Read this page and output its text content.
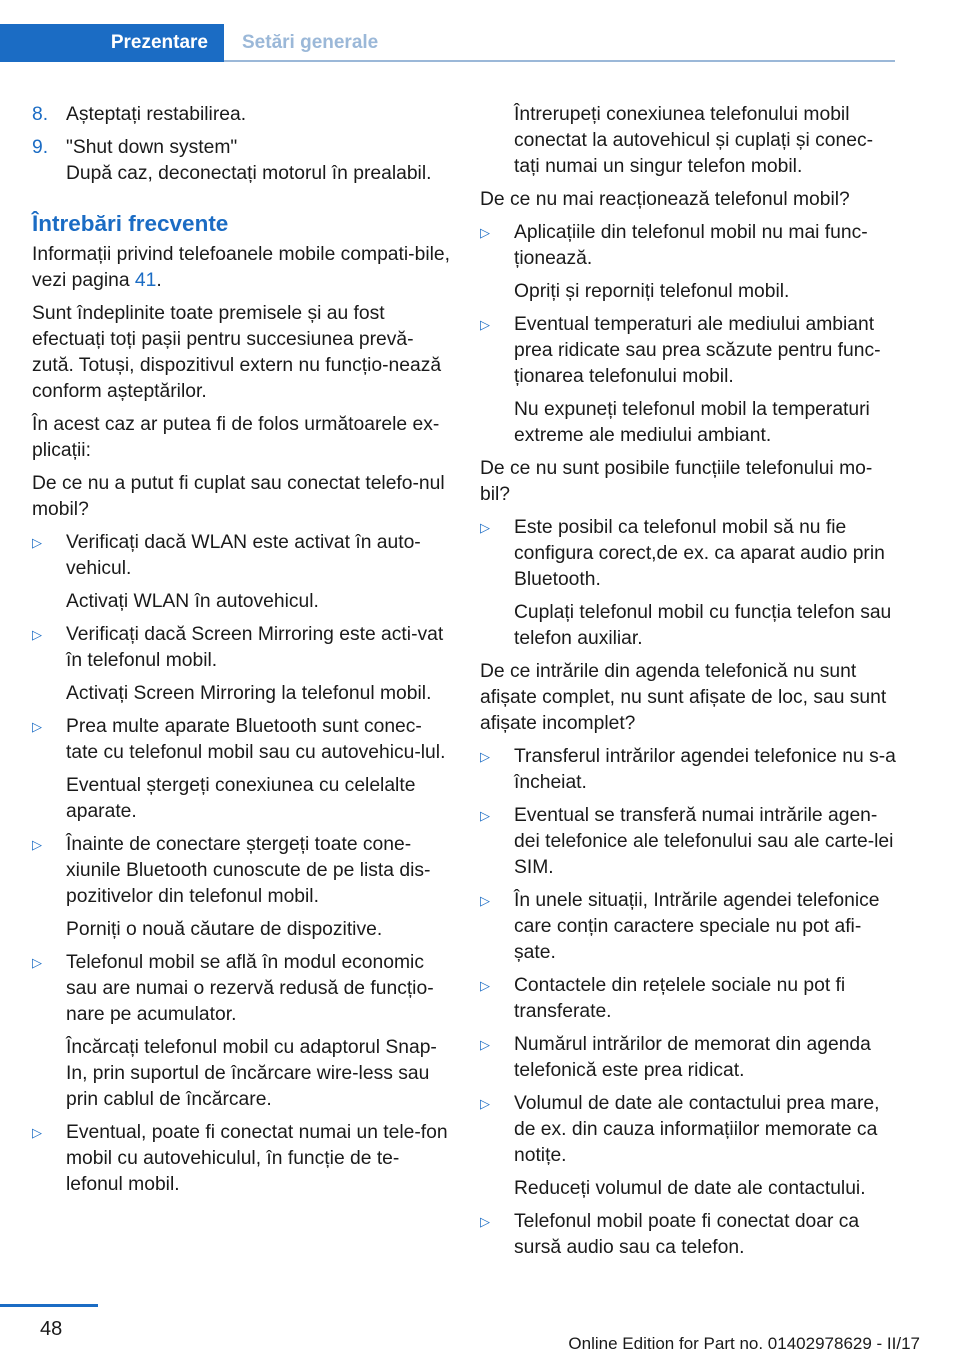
Prezentare	Setări generale
8. Așteptați restabilirea.
9. "Shut down system"
După caz, deconectați motorul în prealabil.
Întrebări frecvente

Informații privind telefoanele mobile compati‐bile, vezi pagina 41.

Sunt îndeplinite toate premisele și au fost efectuați toți pașii pentru succesiunea prevă‐zută. Totuși, dispozitivul extern nu funcțio‐nează conform așteptărilor.

În acest caz ar putea fi de folos următoarele ex‐plicații:

De ce nu a putut fi cuplat sau conectat telefo‐nul mobil?

▷	Verificați dacă WLAN este activat în auto‐vehicul.
Activați WLAN în autovehicul.
▷	Verificați dacă Screen Mirroring este acti‐vat în telefonul mobil.
Activați Screen Mirroring la telefonul mobil.
▷	Prea multe aparate Bluetooth sunt conec‐tate cu telefonul mobil sau cu autovehicu‐lul.
Eventual ștergeți conexiunea cu celelalte aparate.
▷	Înainte de conectare ștergeți toate cone‐xiunile Bluetooth cunoscute de pe lista dis‐pozitivelor din telefonul mobil.
Porniți o nouă căutare de dispozitive.
▷	Telefonul mobil se află în modul economic sau are numai o rezervă redusă de funcțio‐nare pe acumulator.
Încărcați telefonul mobil cu adaptorul Snap-In, prin suportul de încărcare wire‐less sau prin cablul de încărcare.
▷	Eventual, poate fi conectat numai un tele‐fon mobil cu autovehiculul, în funcție de te‐lefonul mobil.
Întrerupeți conexiunea telefonului mobil conectat la autovehicul și cuplați și conec‐tați numai un singur telefon mobil.

De ce nu mai reacționează telefonul mobil?

▷	Aplicațiile din telefonul mobil nu mai func‐ționează.
Opriți și reporniți telefonul mobil.
▷	Eventual temperaturi ale mediului ambiant prea ridicate sau prea scăzute pentru func‐ționarea telefonului mobil.
Nu expuneți telefonul mobil la temperaturi extreme ale mediului ambiant.

De ce nu sunt posibile funcțiile telefonului mo‐bil?

▷	Este posibil ca telefonul mobil să nu fie configura corect,de ex. ca aparat audio prin Bluetooth.
Cuplați telefonul mobil cu funcția telefon sau telefon auxiliar.

De ce intrările din agenda telefonică nu sunt afișate complet, nu sunt afișate de loc, sau sunt afișate incomplet?

▷	Transferul intrărilor agendei telefonice nu s-a încheiat.
▷	Eventual se transferă numai intrările agen‐dei telefonice ale telefonului sau ale carte‐lei SIM.
▷	În unele situații, Intrările agendei telefonice care conțin caractere speciale nu pot afi‐șate.
▷	Contactele din rețelele sociale nu pot fi transferate.
▷	Numărul intrărilor de memorat din agenda telefonică este prea ridicat.
▷	Volumul de date ale contactului prea mare, de ex. din cauza informațiilor memorate ca notițe.
Reduceți volumul de date ale contactului.
▷	Telefonul mobil poate fi conectat doar ca sursă audio sau ca telefon.
48
Online Edition for Part no. 01402978629 - II/17
